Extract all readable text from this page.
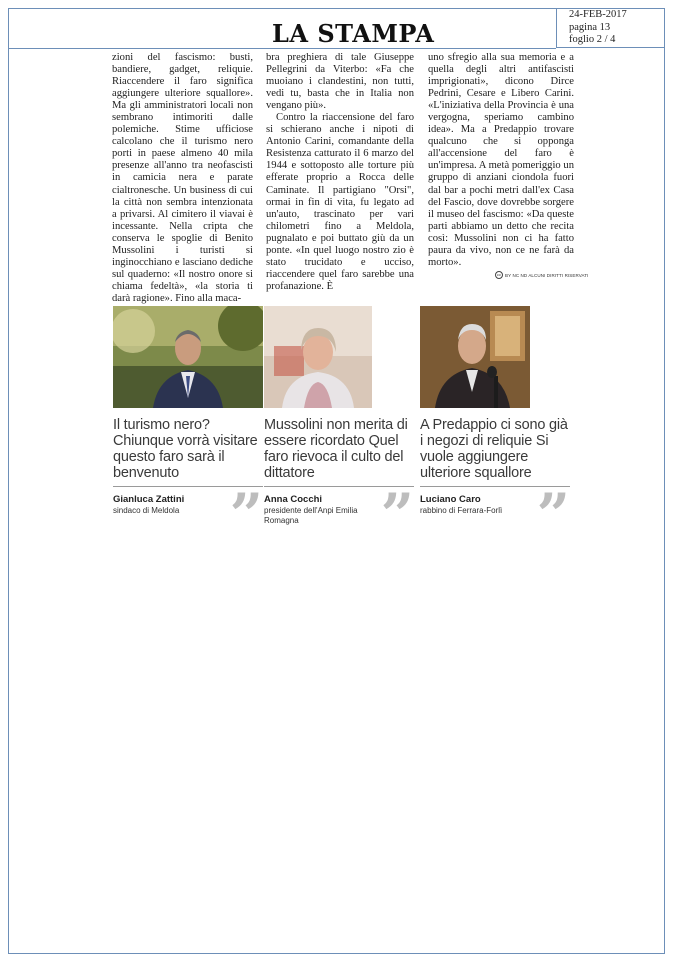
LA STAMPA
24-FEB-2017
pagina 13
foglio 2 / 4

zioni del fascismo: busti, bandiere, gadget, reliquie. Riaccendere il faro significa aggiungere ulteriore squallore». Ma gli amministratori locali non sembrano intimoriti dalle polemiche. Stime ufficiose calcolano che il turismo nero porti in paese almeno 40 mila presenze all'anno tra neofascisti in camicia nera e parate cialtronesche. Un business di cui la città non sembra intenzionata a privarsi. Al cimitero il viavai è incessante. Nella cripta che conserva le spoglie di Benito Mussolini i turisti si inginocchiano e lasciano dediche sul quaderno: «Il nostro onore si chiama fedeltà», «la storia ti darà ragione». Fino alla maca-

bra preghiera di tale Giuseppe Pellegrini da Viterbo: «Fa che muoiano i clandestini, non tutti, vedi tu, basta che in Italia non vengano più».

Contro la riaccensione del faro si schierano anche i nipoti di Antonio Carini, comandante della Resistenza catturato il 6 marzo del 1944 e sottoposto alle torture più efferate proprio a Rocca delle Caminate. Il partigiano "Orsi", ormai in fin di vita, fu legato ad un'auto, trascinato per vari chilometri fino a Meldola, pugnalato e poi buttato giù da un ponte. «In quel luogo nostro zio è stato trucidato e ucciso, riaccendere quel faro sarebbe una profanazione. È

uno sfregio alla sua memoria e a quella degli altri antifascisti imprigionati», dicono Dirce Pedrini, Cesare e Libero Carini. «L'iniziativa della Provincia è una vergogna, speriamo cambino idea». Ma a Predappio trovare qualcuno che si opponga all'accensione del faro è un'impresa. A metà pomeriggio un gruppo di anziani ciondola fuori dal bar a pochi metri dall'ex Casa del Fascio, dove dovrebbe sorgere il museo del fascismo: «Da queste parti abbiamo un detto che recita così: Mussolini non ci ha fatto paura da vivo, non ce ne farà da morto».

cc BY NC ND ALCUNI DIRITTI RISERVATI
Il turismo nero? Chiunque vorrà visitare questo faro sarà il benvenuto
Gianluca Zattini
sindaco di Meldola ”
Mussolini non merita di essere ricordato Quel faro rievoca il culto del dittatore
Anna Cocchi
presidente dell'Anpi Emilia Romagna	”
A Predappio ci sono già i negozi di reliquie Si vuole aggiungere ulteriore squallore
Luciano Caro
rabbino di Ferrara-Forlì ”
